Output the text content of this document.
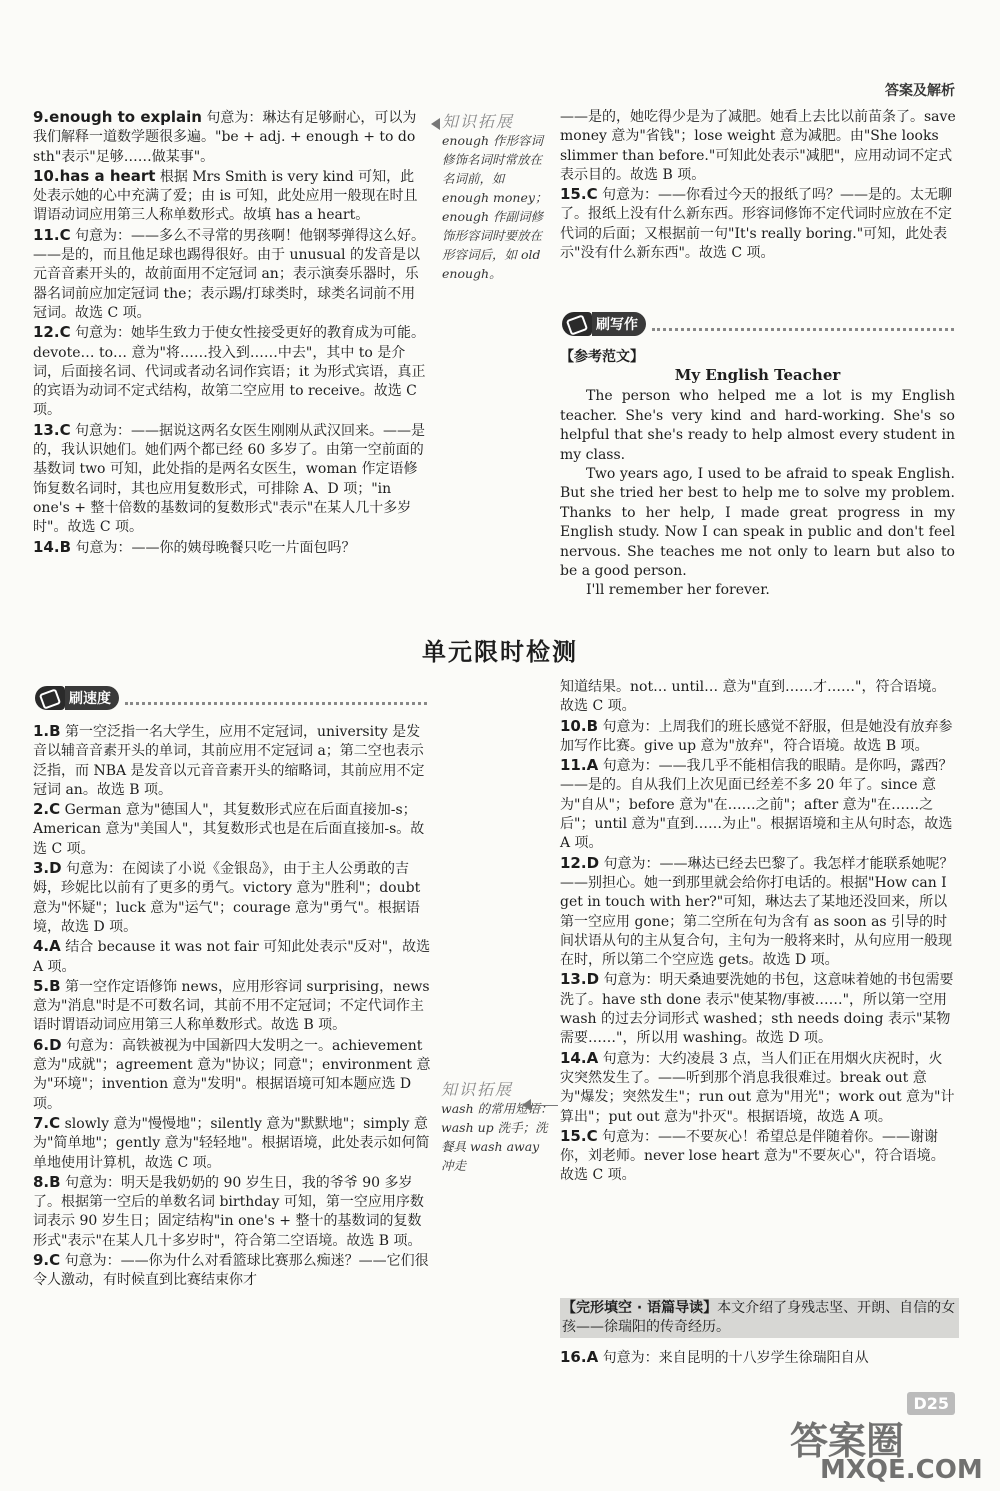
答案及解析
9.enough to explain 句意为：琳达有足够耐心，可以为我们解释一道数学题很多遍。"be + adj. + enough + to do sth"表示"足够……做某事"。
10.has a heart 根据 Mrs Smith is very kind 可知，此处表示她的心中充满了爱；由 is 可知，此处应用一般现在时且谓语动词应用第三人称单数形式。故填 has a heart。
11.C 句意为：——多么不寻常的男孩啊！他钢琴弹得这么好。——是的，而且他足球也踢得很好。由于 unusual 的发音是以元音音素开头的，故前面用不定冠词 an；表示演奏乐器时，乐器名词前应加定冠词 the；表示踢/打球类时，球类名词前不用冠词。故选 C 项。
12.C 句意为：她毕生致力于使女性接受更好的教育成为可能。devote… to… 意为"将……投入到……中去"，其中 to 是介词，后面接名词、代词或者动名词作宾语；it 为形式宾语，真正的宾语为动词不定式结构，故第二空应用 to receive。故选 C 项。
13.C 句意为：——据说这两名女医生刚刚从武汉回来。——是的，我认识她们。她们两个都已经 60 多岁了。由第一空前面的基数词 two 可知，此处指的是两名女医生，woman 作定语修饰复数名词时，其也应用复数形式，可排除 A、D 项；"in one's + 整十倍数的基数词的复数形式"表示"在某人几十多岁时"。故选 C 项。
14.B 句意为：——你的姨母晚餐只吃一片面包吗？
知识拓展
enough 作形容词修饰名词时常放在名词前，如 enough money；enough 作副词修饰形容词时要放在形容词后，如 old enough。
——是的，她吃得少是为了减肥。她看上去比以前苗条了。save money 意为"省钱"；lose weight 意为减肥。由"She looks slimmer than before."可知此处表示"减肥"，应用动词不定式表示目的。故选 B 项。
15.C 句意为：——你看过今天的报纸了吗？——是的。太无聊了。报纸上没有什么新东西。形容词修饰不定代词时应放在不定代词的后面；又根据前一句"It's really boring."可知，此处表示"没有什么新东西"。故选 C 项。
刷写作
【参考范文】
My English Teacher

The person who helped me a lot is my English teacher. She's very kind and hard-working. She's so helpful that she's ready to help almost every student in my class.

Two years ago, I used to be afraid to speak English. But she tried her best to help me to solve my problem. Thanks to her help, I made great progress in my English study. Now I can speak in public and don't feel nervous. She teaches me not only to learn but also to be a good person.

I'll remember her forever.

单元限时检测
刷速度
1.B 第一空泛指一名大学生，应用不定冠词，university 是发音以辅音音素开头的单词，其前应用不定冠词 a；第二空也表示泛指，而 NBA 是发音以元音音素开头的缩略词，其前应用不定冠词 an。故选 B 项。
2.C German 意为"德国人"，其复数形式应在后面直接加-s；American 意为"美国人"，其复数形式也是在后面直接加-s。故选 C 项。
3.D 句意为：在阅读了小说《金银岛》，由于主人公勇敢的吉姆，珍妮比以前有了更多的勇气。victory 意为"胜利"；doubt 意为"怀疑"；luck 意为"运气"；courage 意为"勇气"。根据语境，故选 D 项。
4.A 结合 because it was not fair 可知此处表示"反对"，故选 A 项。
5.B 第一空作定语修饰 news，应用形容词 surprising，news 意为"消息"时是不可数名词，其前不用不定冠词；不定代词作主语时谓语动词应用第三人称单数形式。故选 B 项。
6.D 句意为：高铁被视为中国新四大发明之一。achievement 意为"成就"；agreement 意为"协议；同意"；environment 意为"环境"；invention 意为"发明"。根据语境可知本题应选 D 项。
7.C slowly 意为"慢慢地"；silently 意为"默默地"；simply 意为"简单地"；gently 意为"轻轻地"。根据语境，此处表示如何简单地使用计算机，故选 C 项。
8.B 句意为：明天是我奶奶的 90 岁生日，我的爷爷 90 多岁了。根据第一空后的单数名词 birthday 可知，第一空应用序数词表示 90 岁生日；固定结构"in one's + 整十的基数词的复数形式"表示"在某人几十多岁时"，符合第二空语境。故选 B 项。
9.C 句意为：——你为什么对看篮球比赛那么痴迷？——它们很令人激动，有时候直到比赛结束你才
知识拓展
wash 的常用短语：wash up 洗手；洗餐具 wash away 冲走
知道结果。not… until… 意为"直到……才……"，符合语境。故选 C 项。
10.B 句意为：上周我们的班长感觉不舒服，但是她没有放弃参加写作比赛。give up 意为"放弃"，符合语境。故选 B 项。
11.A 句意为：——我几乎不能相信我的眼睛。是你吗，露西？——是的。自从我们上次见面已经差不多 20 年了。since 意为"自从"；before 意为"在……之前"；after 意为"在……之后"；until 意为"直到……为止"。根据语境和主从句时态，故选 A 项。
12.D 句意为：——琳达已经去巴黎了。我怎样才能联系她呢？——别担心。她一到那里就会给你打电话的。根据"How can I get in touch with her?"可知，琳达去了某地还没回来，所以第一空应用 gone；第二空所在句为含有 as soon as 引导的时间状语从句的主从复合句，主句为一般将来时，从句应用一般现在时，所以第二个空应选 gets。故选 D 项。
13.D 句意为：明天桑迪要洗她的书包，这意味着她的书包需要洗了。have sth done 表示"使某物/事被……"，所以第一空用 wash 的过去分词形式 washed；sth needs doing 表示"某物需要……"，所以用 washing。故选 D 项。
14.A 句意为：大约凌晨 3 点，当人们正在用烟火庆祝时，火灾突然发生了。——听到那个消息我很难过。break out 意为"爆发；突然发生"；run out 意为"用光"；work out 意为"计算出"；put out 意为"扑灭"。根据语境，故选 A 项。
15.C 句意为：——不要灰心！希望总是伴随着你。——谢谢你，刘老师。never lose heart 意为"不要灰心"，符合语境。故选 C 项。
【完形填空 · 语篇导读】本文介绍了身残志坚、开朗、自信的女孩——徐瑞阳的传奇经历。
16.A 句意为：来自昆明的十八岁学生徐瑞阳自从
D25
答案圈
MXQE.COM
